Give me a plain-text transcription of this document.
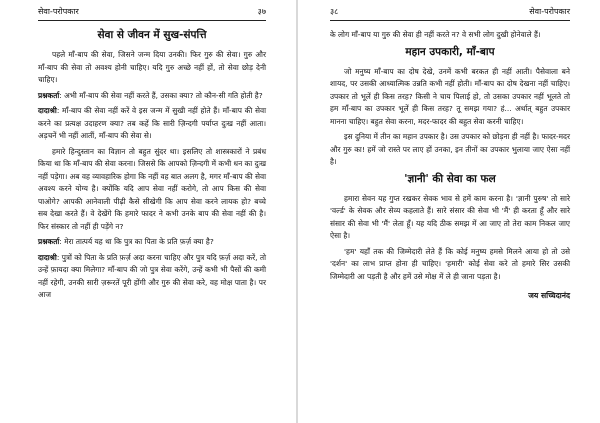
सेवा-परोपकार	३७
सेवा से जीवन में सुख-संपत्ति

पहले माँ-बाप की सेवा, जिसने जन्म दिया उनकी। फिर गुरु की सेवा। गुरु और माँ-बाप की सेवा तो अवश्य होनी चाहिए। यदि गुरु अच्छे नहीं हों, तो सेवा छोड़ देनी चाहिए।

प्रश्नकर्ता: अभी माँ-बाप की सेवा नहीं करते हैं, उसका क्या? तो कौन-सी गति होती है?

दादाश्री: माँ-बाप की सेवा नहीं करें वे इस जन्म में सुखी नहीं होते हैं। माँ-बाप की सेवा करने का प्रत्यक्ष उदाहरण क्या? तब कहें कि सारी ज़िन्दगी पर्याप्त दुःख नहीं आता। अड़चनें भी नहीं आतीं, माँ-बाप की सेवा से।

हमारे हिन्दुस्तान का विज्ञान तो बहुत सुंदर था। इसलिए तो शास्त्रकारों ने प्रबंध किया था कि माँ-बाप की सेवा करना। जिससे कि आपको ज़िन्दगी में कभी धन का दुःख नहीं पड़ेगा। अब वह व्यावहारिक होगा कि नहीं वह बात अलग है, मगर माँ-बाप की सेवा अवश्य करने योग्य है। क्योंकि यदि आप सेवा नहीं करोगे, तो आप किस की सेवा पाओगे? आपकी आनेवाली पीढ़ी कैसे सीखेगी कि आप सेवा करने लायक हो? बच्चे सब देखा करते हैं। वे देखेंगे कि हमारे फादर ने कभी उनके बाप की सेवा नहीं की है। फिर संस्कार तो नहीं ही पड़ेंगे न?

प्रश्नकर्ता: मेरा तात्पर्य यह था कि पुत्र का पिता के प्रति फ़र्ज़ क्या है?

दादाश्री: पुत्रों को पिता के प्रति फ़र्ज़ अदा करना चाहिए और पुत्र यदि फ़र्ज़ अदा करें, तो उन्हें फ़ायदा क्या मिलेगा? माँ-बाप की जो पुत्र सेवा करेंगे, उन्हें कभी भी पैसों की कमी नहीं रहेगी, उनकी सारी ज़रूरतें पूरी होंगी और गुरु की सेवा करे, वह मोक्ष पाता है। पर आज

३८	सेवा-परोपकार

के लोग माँ-बाप या गुरु की सेवा ही नहीं करते न? वे सभी लोग दुखी होनेवाले हैं।

महान उपकारी, माँ-बाप

जो मनुष्य माँ-बाप का दोष देखे, उनमें कभी बरकत ही नहीं आती। पैसेवाला बने शायद, पर उसकी आध्यात्मिक उन्नति कभी नहीं होती। माँ-बाप का दोष देखना नहीं चाहिए। उपकार तो भूलें ही किस तरह? किसी ने चाय पिलाई हो, तो उसका उपकार नहीं भूलते तो हम माँ-बाप का उपकार भूलें ही किस तरह? तू समझ गया? हं... अर्थात् बहुत उपकार मानना चाहिए। बहुत सेवा करना, मदर-फादर की बहुत सेवा करनी चाहिए।

इस दुनिया में तीन का महान उपकार है। उस उपकार को छोड़ना ही नहीं है। फादर-मदर और गुरु का! हमें जो रास्ते पर लाए हों उनका, इन तीनों का उपकार भुलाया जाए ऐसा नहीं है।

'ज्ञानी' की सेवा का फल

हमारा सेवन यह गुप्त रखकर सेवक भाव से हमें काम करना है। 'ज्ञानी पुरुष' तो सारे 'वर्ल्ड' के सेवक और सेव्य कहलाते हैं। सारे संसार की सेवा भी 'मैं' ही करता हूँ और सारे संसार की सेवा भी 'मैं' लेता हूँ। यह यदि ठीक समझ में आ जाए तो तेरा काम निकल जाए ऐसा है।

'हम' यहाँ तक की जिम्मेदारी लेते हैं कि कोई मनुष्य हमसे मिलने आया हो तो उसे 'दर्शन' का लाभ प्राप्त होना ही चाहिए। 'हमारी' कोई सेवा करे तो हमारे सिर उसकी जिम्मेदारी आ पड़ती है और हमें उसे मोक्ष में ले ही जाना पड़ता है।

जय सच्चिदानंद
